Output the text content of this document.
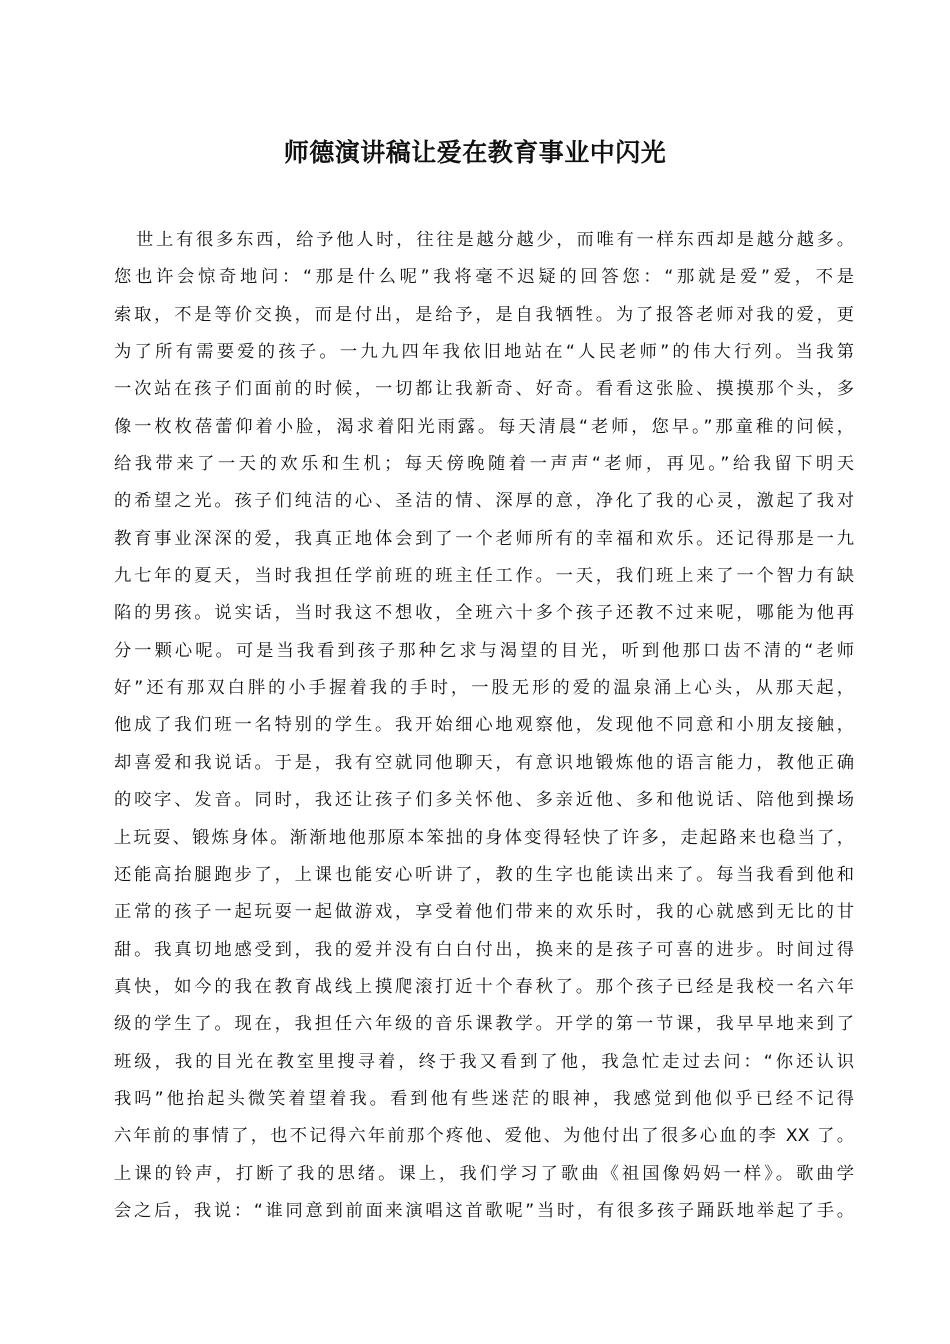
师德演讲稿让爱在教育事业中闪光
世上有很多东西，给予他人时，往往是越分越少，而唯有一样东西却是越分越多。
您也许会惊奇地问：“那是什么呢”我将毫不迟疑的回答您：“那就是爱”爱，不是
索取，不是等价交换，而是付出，是给予，是自我牺牲。为了报答老师对我的爱，更
为了所有需要爱的孩子。一九九四年我依旧地站在“人民老师”的伟大行列。当我第
一次站在孩子们面前的时候，一切都让我新奇、好奇。看看这张脸、摸摸那个头，多
像一枚枚蓓蕾仰着小脸，渴求着阳光雨露。每天清晨“老师，您早。”那童稚的问候，
给我带来了一天的欢乐和生机；每天傍晚随着一声声“老师，再见。”给我留下明天
的希望之光。孩子们纯洁的心、圣洁的情、深厚的意，净化了我的心灵，激起了我对
教育事业深深的爱，我真正地体会到了一个老师所有的幸福和欢乐。还记得那是一九
九七年的夏天，当时我担任学前班的班主任工作。一天，我们班上来了一个智力有缺
陷的男孩。说实话，当时我这不想收，全班六十多个孩子还教不过来呢，哪能为他再
分一颗心呢。可是当我看到孩子那种乞求与渴望的目光，听到他那口齿不清的“老师
好”还有那双白胖的小手握着我的手时，一股无形的爱的温泉涌上心头，从那天起，
他成了我们班一名特别的学生。我开始细心地观察他，发现他不同意和小朋友接触，
却喜爱和我说话。于是，我有空就同他聊天，有意识地锻炼他的语言能力，教他正确
的咬字、发音。同时，我还让孩子们多关怀他、多亲近他、多和他说话、陪他到操场
上玩耍、锻炼身体。渐渐地他那原本笨拙的身体变得轻快了许多，走起路来也稳当了，
还能高抬腿跑步了，上课也能安心听讲了，教的生字也能读出来了。每当我看到他和
正常的孩子一起玩耍一起做游戏，享受着他们带来的欢乐时，我的心就感到无比的甘
甜。我真切地感受到，我的爱并没有白白付出，换来的是孩子可喜的进步。时间过得
真快，如今的我在教育战线上摸爬滚打近十个春秋了。那个孩子已经是我校一名六年
级的学生了。现在，我担任六年级的音乐课教学。开学的第一节课，我早早地来到了
班级，我的目光在教室里搜寻着，终于我又看到了他，我急忙走过去问：“你还认识
我吗”他抬起头微笑着望着我。看到他有些迷茫的眼神，我感觉到他似乎已经不记得
六年前的事情了，也不记得六年前那个疼他、爱他、为他付出了很多心血的李 XX 了。
上课的铃声，打断了我的思绪。课上，我们学习了歌曲《祖国像妈妈一样》。歌曲学
会之后，我说：“谁同意到前面来演唱这首歌呢”当时，有很多孩子踊跃地举起了手。
